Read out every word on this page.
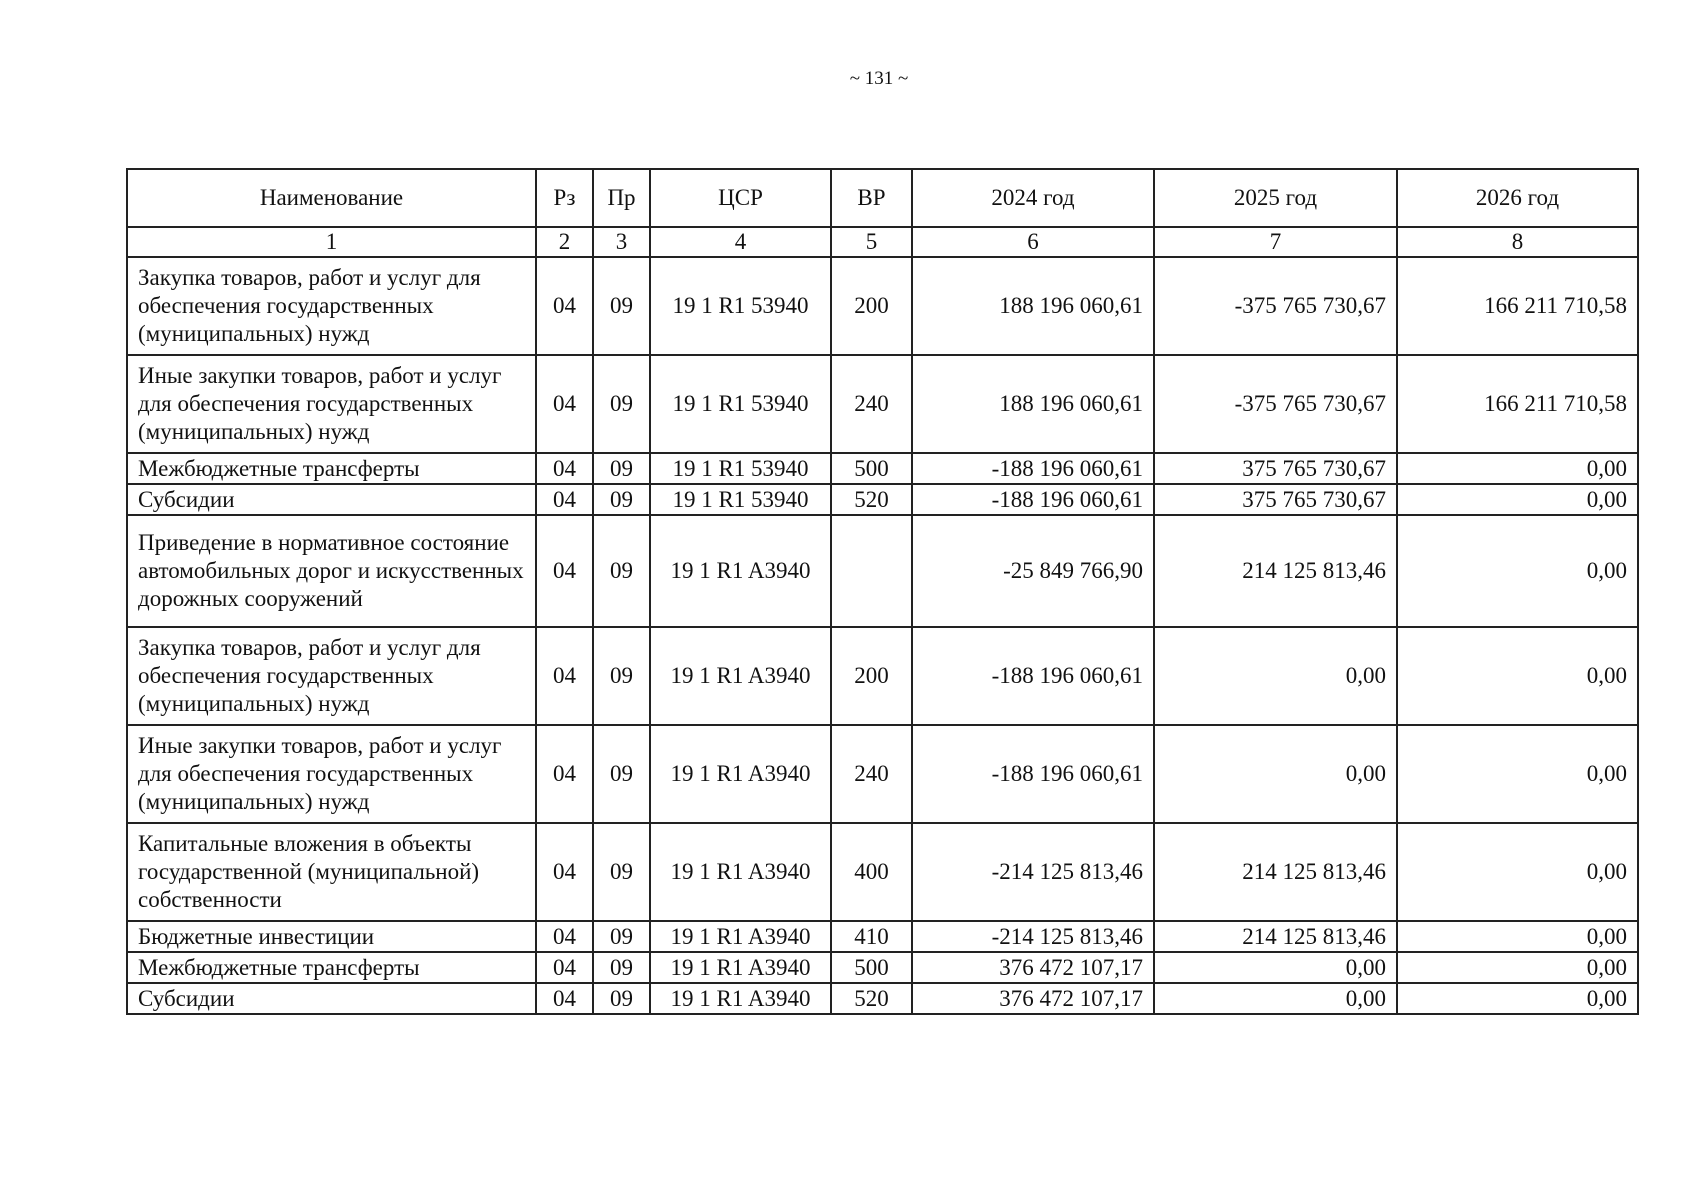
~ 131 ~
Наименование	Рз	Пр	ЦСР	ВР	2024 год	2025 год	2026 год
1	2	3	4	5	6	7	8
Закупка товаров, работ и услуг для обеспечения государственных (муниципальных) нужд	04	09	19 1 R1 53940	200	188 196 060,61	-375 765 730,67	166 211 710,58
Иные закупки товаров, работ и услуг для обеспечения государственных (муниципальных) нужд	04	09	19 1 R1 53940	240	188 196 060,61	-375 765 730,67	166 211 710,58
Межбюджетные трансферты	04	09	19 1 R1 53940	500	-188 196 060,61	375 765 730,67	0,00
Субсидии	04	09	19 1 R1 53940	520	-188 196 060,61	375 765 730,67	0,00
Приведение в нормативное состояние автомобильных дорог и искусственных дорожных сооружений	04	09	19 1 R1 A3940		-25 849 766,90	214 125 813,46	0,00
Закупка товаров, работ и услуг для обеспечения государственных (муниципальных) нужд	04	09	19 1 R1 A3940	200	-188 196 060,61	0,00	0,00
Иные закупки товаров, работ и услуг для обеспечения государственных (муниципальных) нужд	04	09	19 1 R1 A3940	240	-188 196 060,61	0,00	0,00
Капитальные вложения в объекты государственной (муниципальной) собственности	04	09	19 1 R1 A3940	400	-214 125 813,46	214 125 813,46	0,00
Бюджетные инвестиции	04	09	19 1 R1 A3940	410	-214 125 813,46	214 125 813,46	0,00
Межбюджетные трансферты	04	09	19 1 R1 A3940	500	376 472 107,17	0,00	0,00
Субсидии	04	09	19 1 R1 A3940	520	376 472 107,17	0,00	0,00
